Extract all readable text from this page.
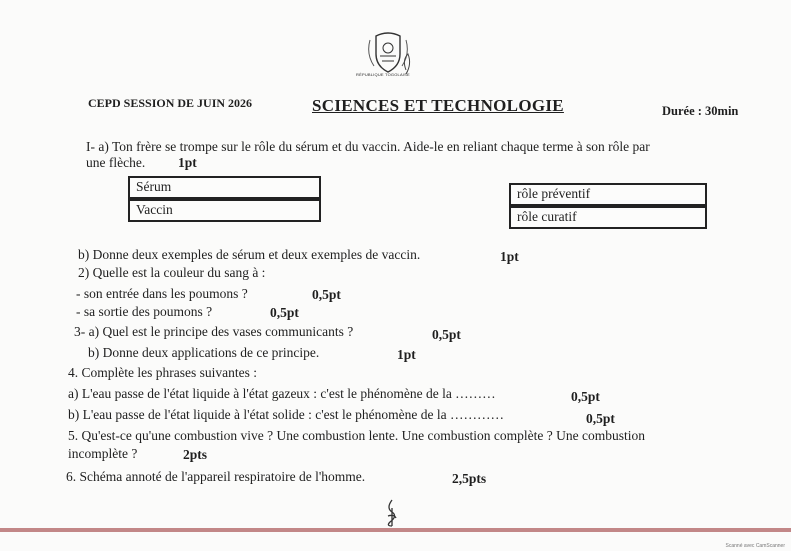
RÉPUBLIQUE TOGOLAISE
CEPD SESSION DE JUIN 2026	SCIENCES ET TECHNOLOGIE	Durée : 30min
I- a) Ton frère se trompe sur le rôle du sérum et du vaccin. Aide-le en reliant chaque terme à son rôle par
une flèche. 1pt
Sérum
Vaccin
rôle préventif
rôle curatif
b) Donne deux exemples de sérum et deux exemples de vaccin.	1pt
2) Quelle est la couleur du sang à :
- son entrée dans les poumons ?	0,5pt
- sa sortie des poumons ?	0,5pt
3- a) Quel est le principe des vases communicants ?	0,5pt
b) Donne deux applications de ce principe.	1pt
4. Complète les phrases suivantes :
a) L'eau passe de l'état liquide à l'état gazeux : c'est le phénomène de la ………	0,5pt
b) L'eau passe de l'état liquide à l'état solide : c'est le phénomène de la …………	0,5pt
5. Qu'est-ce qu'une combustion vive ? Une combustion lente. Une combustion complète ? Une combustion
incomplète ?	2pts
6. Schéma annoté de l'appareil respiratoire de l'homme.	2,5pts
Scanné avec CamScanner
